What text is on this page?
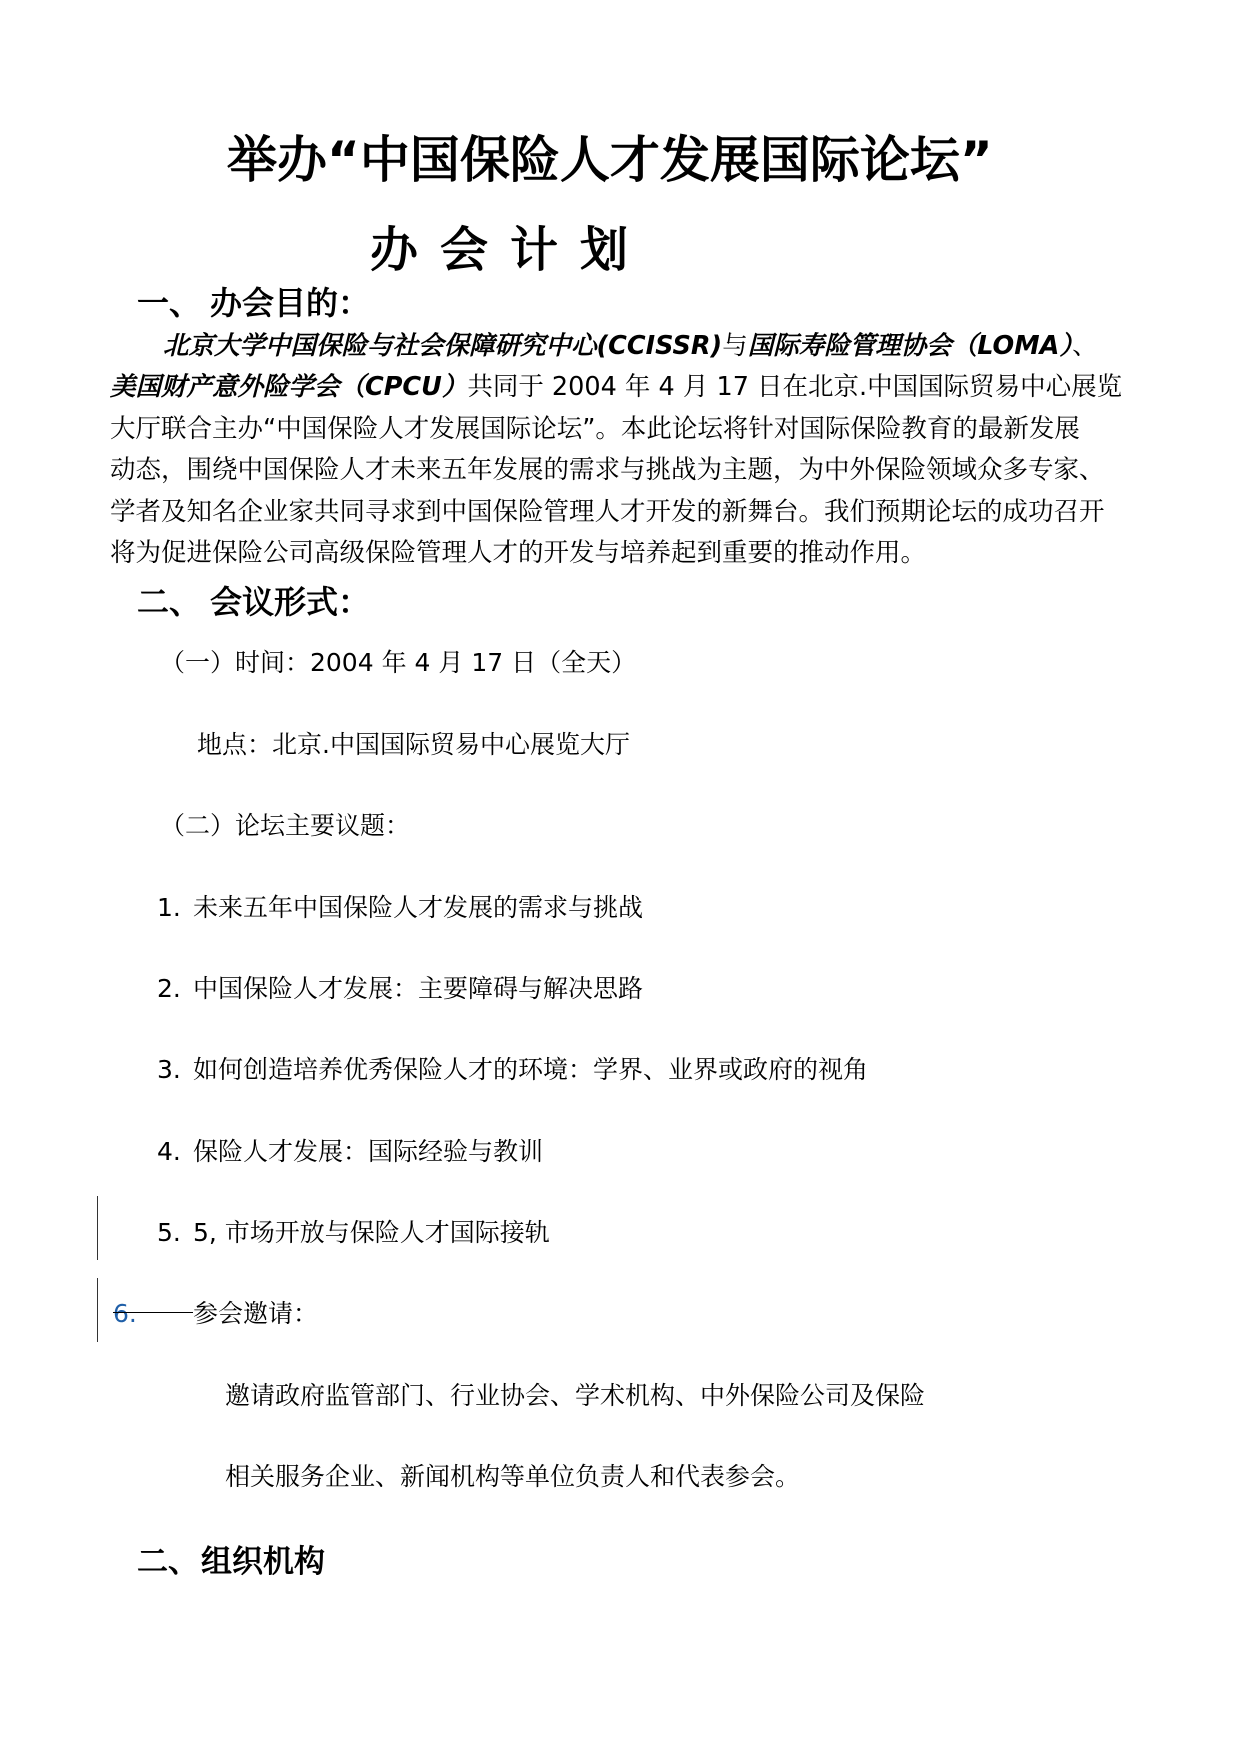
举办“中国保险人才发展国际论坛”
办会计划
一、 办会目的：

北京大学中国保险与社会保障研究中心(CCISSR)与国际寿险管理协会（LOMA）、

美国财产意外险学会（CPCU）共同于 2004 年 4 月 17 日在北京.中国国际贸易中心展览

大厅联合主办“中国保险人才发展国际论坛”。本此论坛将针对国际保险教育的最新发展

动态，围绕中国保险人才未来五年发展的需求与挑战为主题，为中外保险领域众多专家、

学者及知名企业家共同寻求到中国保险管理人才开发的新舞台。我们预期论坛的成功召开

将为促进保险公司高级保险管理人才的开发与培养起到重要的推动作用。

二、 会议形式：
（一）时间：2004 年 4 月 17 日（全天）
地点：北京.中国国际贸易中心展览大厅
（二）论坛主要议题：
1. 未来五年中国保险人才发展的需求与挑战
2. 中国保险人才发展：主要障碍与解决思路
3. 如何创造培养优秀保险人才的环境：学界、业界或政府的视角
4. 保险人才发展：国际经验与教训
5. 5, 市场开放与保险人才国际接轨
6. 参会邀请：
邀请政府监管部门、行业协会、学术机构、中外保险公司及保险
相关服务企业、新闻机构等单位负责人和代表参会。
二、组织机构
